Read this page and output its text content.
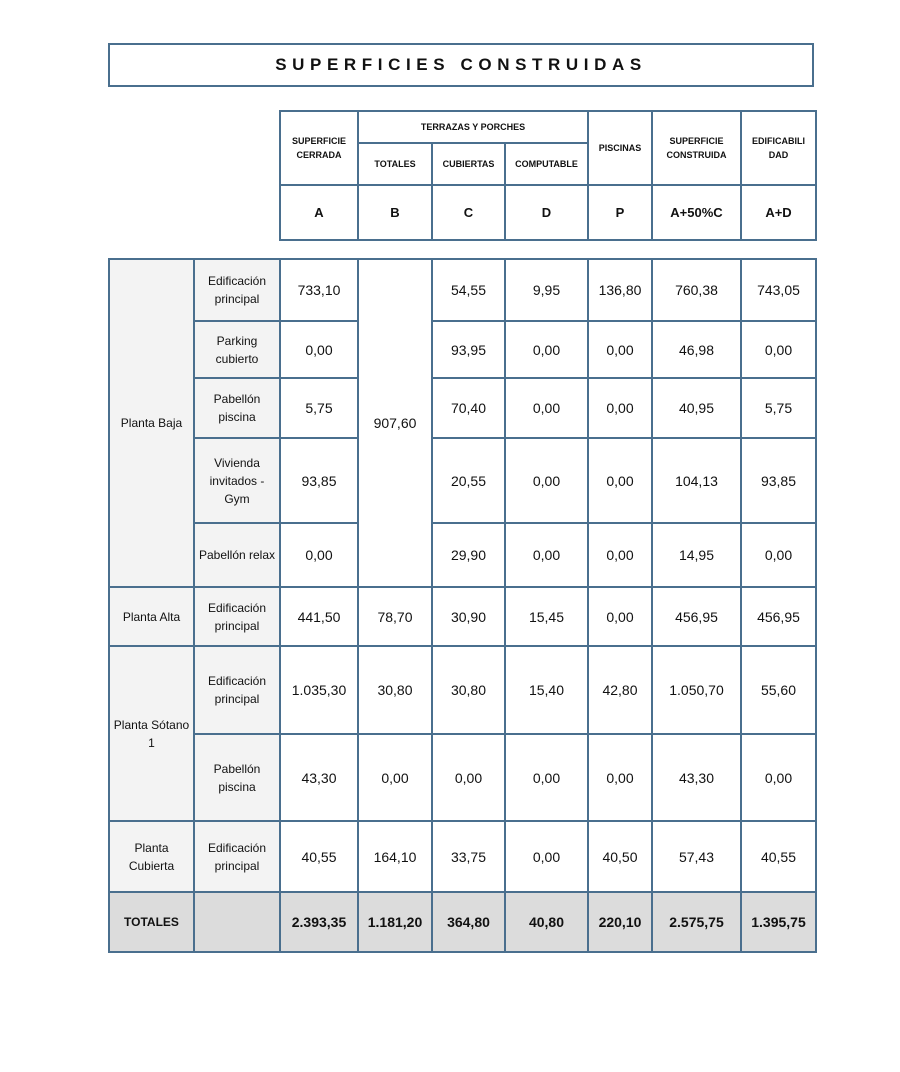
SUPERFICIES CONSTRUIDAS
SUPERFICIE CERRADA	TERRAZAS Y PORCHES			PISCINAS	SUPERFICIE CONSTRUIDA	EDIFICABILI DAD
	TOTALES	CUBIERTAS	COMPUTABLE			
A	B	C	D	P	A+50%C	A+D
Planta Baja	Edificación principal	733,10	907,60	54,55	9,95	136,80	760,38	743,05
	Parking cubierto	0,00		93,95	0,00	0,00	46,98	0,00
	Pabellón piscina	5,75		70,40	0,00	0,00	40,95	5,75
	Vivienda invitados - Gym	93,85		20,55	0,00	0,00	104,13	93,85
	Pabellón relax	0,00		29,90	0,00	0,00	14,95	0,00
Planta Alta	Edificación principal	441,50	78,70	30,90	15,45	0,00	456,95	456,95
Planta Sótano 1	Edificación principal	1.035,30	30,80	30,80	15,40	42,80	1.050,70	55,60
	Pabellón piscina	43,30	0,00	0,00	0,00	0,00	43,30	0,00
Planta Cubierta	Edificación principal	40,55	164,10	33,75	0,00	40,50	57,43	40,55
TOTALES		2.393,35	1.181,20	364,80	40,80	220,10	2.575,75	1.395,75
